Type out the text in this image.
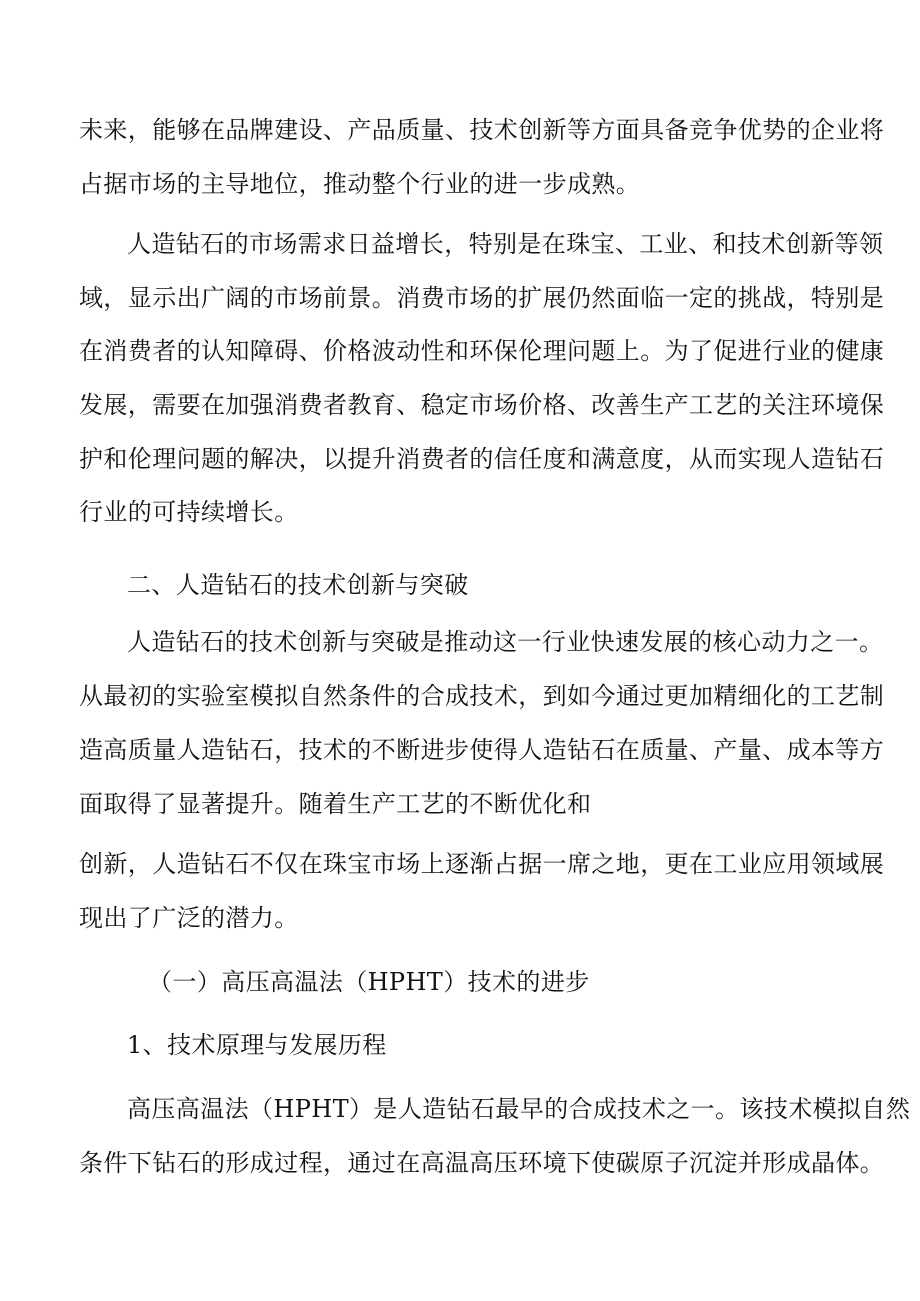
未来，能够在品牌建设、产品质量、技术创新等方面具备竞争优势的企业将
占据市场的主导地位，推动整个行业的进一步成熟。
人造钻石的市场需求日益增长，特别是在珠宝、工业、和技术创新等领
域，显示出广阔的市场前景。消费市场的扩展仍然面临一定的挑战，特别是
在消费者的认知障碍、价格波动性和环保伦理问题上。为了促进行业的健康
发展，需要在加强消费者教育、稳定市场价格、改善生产工艺的关注环境保
护和伦理问题的解决，以提升消费者的信任度和满意度，从而实现人造钻石
行业的可持续增长。
二、人造钻石的技术创新与突破
人造钻石的技术创新与突破是推动这一行业快速发展的核心动力之一。
从最初的实验室模拟自然条件的合成技术，到如今通过更加精细化的工艺制
造高质量人造钻石，技术的不断进步使得人造钻石在质量、产量、成本等方
面取得了显著提升。随着生产工艺的不断优化和
创新，人造钻石不仅在珠宝市场上逐渐占据一席之地，更在工业应用领域展
现出了广泛的潜力。
（一）高压高温法（HPHT）技术的进步
1、技术原理与发展历程
高压高温法（HPHT）是人造钻石最早的合成技术之一。该技术模拟自然
条件下钻石的形成过程，通过在高温高压环境下使碳原子沉淀并形成晶体。
